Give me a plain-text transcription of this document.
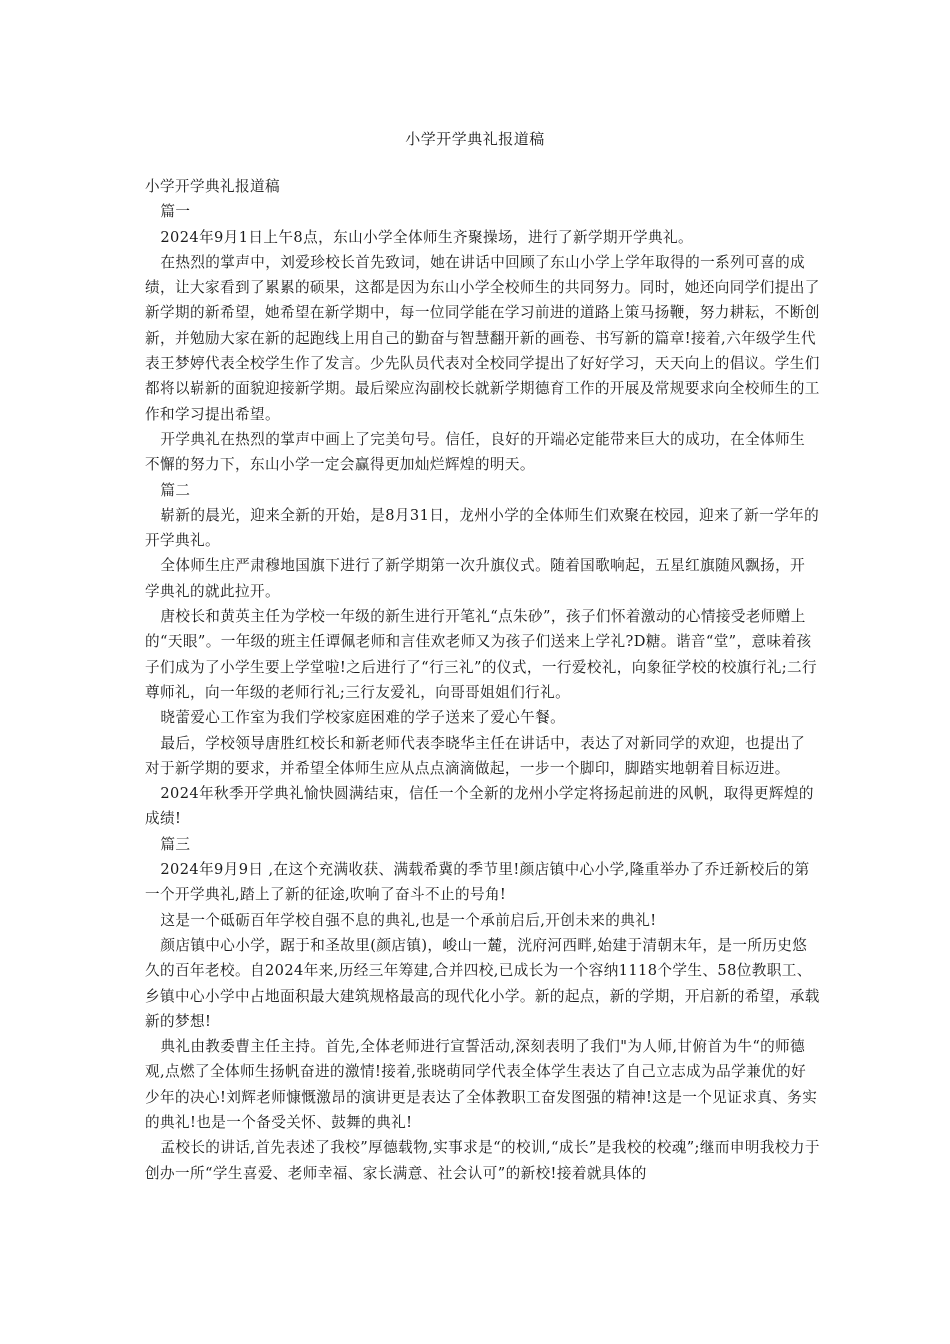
小学开学典礼报道稿

小学开学典礼报道稿

篇一

2024年9月1日上午8点，东山小学全体师生齐聚操场，进行了新学期开学典礼。

在热烈的掌声中，刘爱珍校长首先致词，她在讲话中回顾了东山小学上学年取得的一系列可喜的成绩，让大家看到了累累的硕果，这都是因为东山小学全校师生的共同努力。同时，她还向同学们提出了新学期的新希望，她希望在新学期中，每一位同学能在学习前进的道路上策马扬鞭，努力耕耘，不断创新，并勉励大家在新的起跑线上用自己的勤奋与智慧翻开新的画卷、书写新的篇章!接着,六年级学生代表王梦婷代表全校学生作了发言。少先队员代表对全校同学提出了好好学习，天天向上的倡议。学生们都将以崭新的面貌迎接新学期。最后梁应沟副校长就新学期德育工作的开展及常规要求向全校师生的工作和学习提出希望。

开学典礼在热烈的掌声中画上了完美句号。信任，良好的开端必定能带来巨大的成功，在全体师生不懈的努力下，东山小学一定会赢得更加灿烂辉煌的明天。

篇二

崭新的晨光，迎来全新的开始，是8月31日，龙州小学的全体师生们欢聚在校园，迎来了新一学年的开学典礼。

全体师生庄严肃穆地国旗下进行了新学期第一次升旗仪式。随着国歌响起，五星红旗随风飘扬，开学典礼的就此拉开。

唐校长和黄英主任为学校一年级的新生进行开笔礼“点朱砂”，孩子们怀着激动的心情接受老师赠上的“天眼”。一年级的班主任谭佩老师和言佳欢老师又为孩子们送来上学礼?D糖。谐音“堂”，意味着孩子们成为了小学生要上学堂啦!之后进行了“行三礼”的仪式，一行爱校礼，向象征学校的校旗行礼;二行尊师礼，向一年级的老师行礼;三行友爱礼，向哥哥姐姐们行礼。

晓蕾爱心工作室为我们学校家庭困难的学子送来了爱心午餐。

最后，学校领导唐胜红校长和新老师代表李晓华主任在讲话中，表达了对新同学的欢迎，也提出了对于新学期的要求，并希望全体师生应从点点滴滴做起，一步一个脚印，脚踏实地朝着目标迈进。

2024年秋季开学典礼愉快圆满结束，信任一个全新的龙州小学定将扬起前进的风帆，取得更辉煌的成绩!

篇三

2024年9月9日 ,在这个充满收获、满载希冀的季节里!颜店镇中心小学,隆重举办了乔迁新校后的第一个开学典礼,踏上了新的征途,吹响了奋斗不止的号角!

这是一个砥砺百年学校自强不息的典礼,也是一个承前启后,开创未来的典礼!

颜店镇中心小学，踞于和圣故里(颜店镇)，峻山一麓，洸府河西畔,始建于清朝末年，是一所历史悠久的百年老校。自2024年来,历经三年筹建,合并四校,已成长为一个容纳1118个学生、58位教职工、乡镇中心小学中占地面积最大建筑规格最高的现代化小学。新的起点，新的学期，开启新的希望，承载新的梦想!

典礼由教委曹主任主持。首先,全体老师进行宣誓活动,深刻表明了我们"为人师,甘俯首为牛“的师德观,点燃了全体师生扬帆奋进的激情!接着,张晓萌同学代表全体学生表达了自己立志成为品学兼优的好少年的决心!刘辉老师慷慨激昂的演讲更是表达了全体教职工奋发图强的精神!这是一个见证求真、务实的典礼!也是一个备受关怀、鼓舞的典礼!

孟校长的讲话,首先表述了我校”厚德载物,实事求是“的校训,“成长”是我校的校魂”;继而申明我校力于创办一所“学生喜爱、老师幸福、家长满意、社会认可”的新校!接着就具体的
